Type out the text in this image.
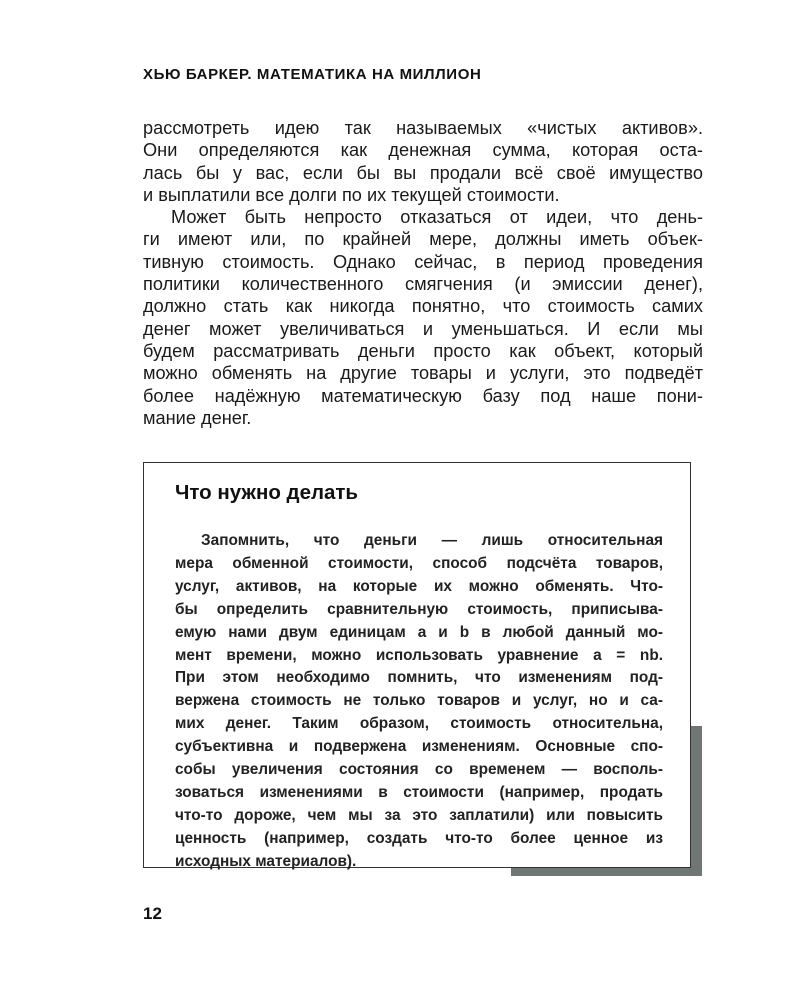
ХЬЮ БАРКЕР. МАТЕМАТИКА НА МИЛЛИОН

рассмотреть идею так называемых «чистых активов».
Они определяются как денежная сумма, которая оста-
лась бы у вас, если бы вы продали всё своё имущество
и выплатили все долги по их текущей стоимости.

Может быть непросто отказаться от идеи, что день-
ги имеют или, по крайней мере, должны иметь объек-
тивную стоимость. Однако сейчас, в период проведения
политики количественного смягчения (и эмиссии денег),
должно стать как никогда понятно, что стоимость самих
денег может увеличиваться и уменьшаться. И если мы
будем рассматривать деньги просто как объект, который
можно обменять на другие товары и услуги, это подведёт
более надёжную математическую базу под наше пони-
мание денег.

Что нужно делать
Запомнить, что деньги — лишь относительная
мера обменной стоимости, способ подсчёта товаров,
услуг, активов, на которые их можно обменять. Что-
бы определить сравнительную стоимость, приписыва-
емую нами двум единицам a и b в любой данный мо-
мент времени, можно использовать уравнение a = nb.
При этом необходимо помнить, что изменениям под-
вержена стоимость не только товаров и услуг, но и са-
мих денег. Таким образом, стоимость относительна,
субъективна и подвержена изменениям. Основные спо-
собы увеличения состояния со временем — восполь-
зоваться изменениями в стоимости (например, продать
что-то дороже, чем мы за это заплатили) или повысить
ценность (например, создать что-то более ценное из
исходных материалов).
12
